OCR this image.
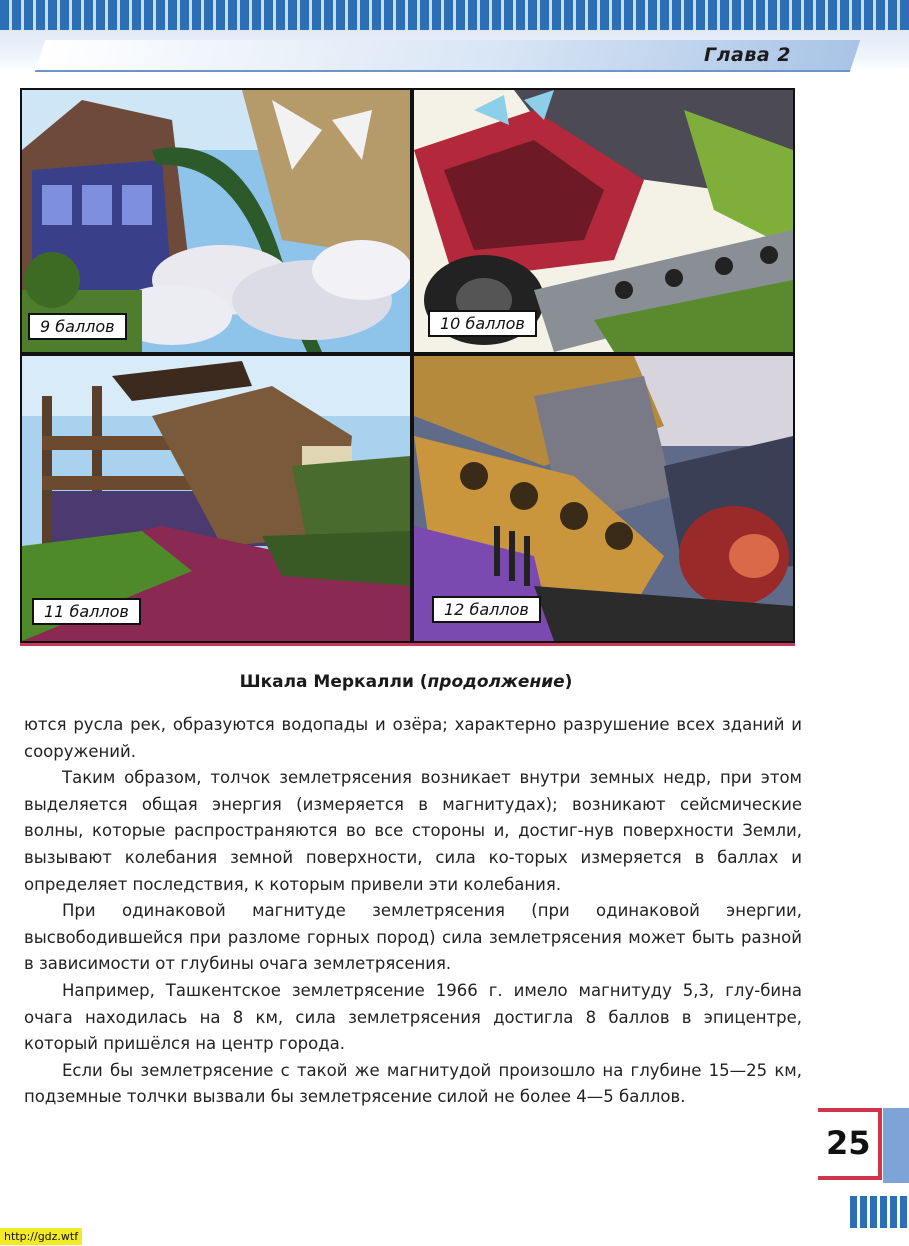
Глава 2
9 баллов	10 баллов
11 баллов	12 баллов
Шкала Меркалли (продолжение)

ются русла рек, образуются водопады и озёра; характерно разрушение всех зданий и сооружений.

Таким образом, толчок землетрясения возникает внутри земных недр, при этом выделяется общая энергия (измеряется в магнитудах); возникают сейсмические волны, которые распространяются во все стороны и, достиг-нув поверхности Земли, вызывают колебания земной поверхности, сила ко-торых измеряется в баллах и определяет последствия, к которым привели эти колебания.

При одинаковой магнитуде землетрясения (при одинаковой энергии, высвободившейся при разломе горных пород) сила землетрясения может быть разной в зависимости от глубины очага землетрясения.

Например, Ташкентское землетрясение 1966 г. имело магнитуду 5,3, глу-бина очага находилась на 8 км, сила землетрясения достигла 8 баллов в эпицентре, который пришёлся на центр города.

Если бы землетрясение с такой же магнитудой произошло на глубине 15—25 км, подземные толчки вызвали бы землетрясение силой не более 4—5 баллов.

25
http://gdz.wtf
